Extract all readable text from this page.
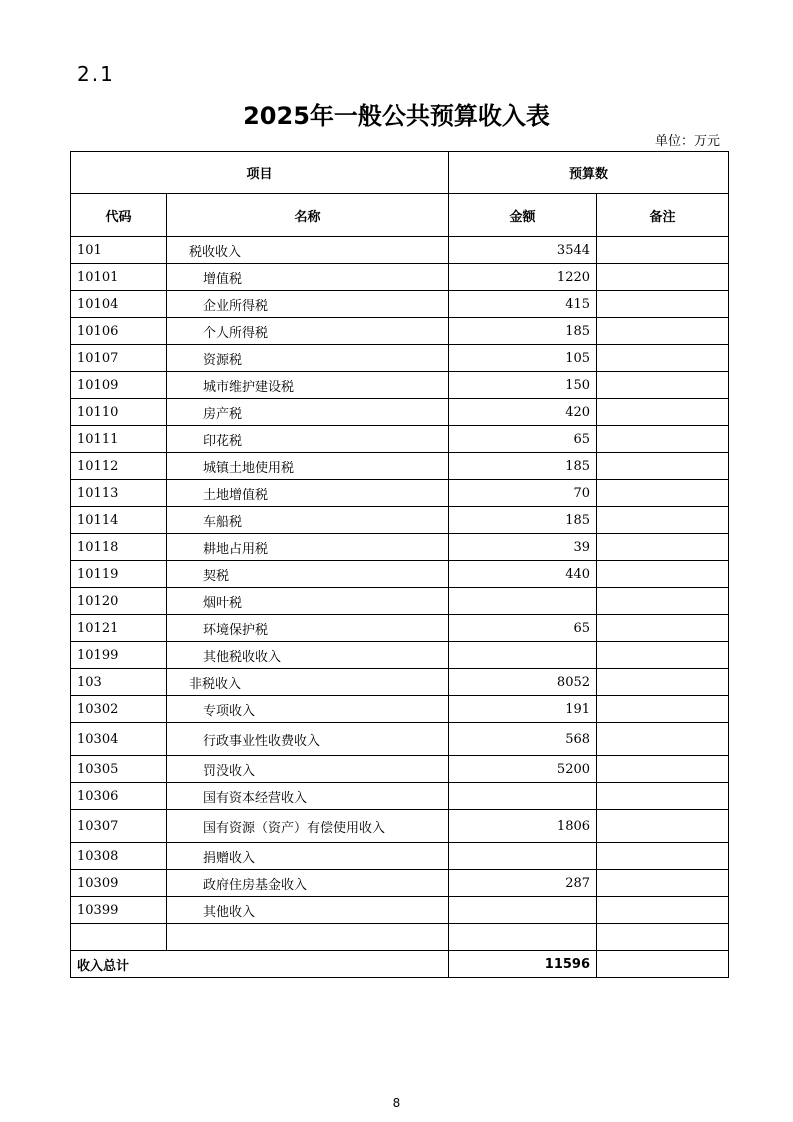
2.1
2025年一般公共预算收入表
单位：万元
项目		预算数	
代码	名称	金额	备注
101	税收收入	3544	
10101	增值税	1220	
10104	企业所得税	415	
10106	个人所得税	185	
10107	资源税	105	
10109	城市维护建设税	150	
10110	房产税	420	
10111	印花税	65	
10112	城镇土地使用税	185	
10113	土地增值税	70	
10114	车船税	185	
10118	耕地占用税	39	
10119	契税	440	
10120	烟叶税		
10121	环境保护税	65	
10199	其他税收收入		
103	非税收入	8052	
10302	专项收入	191	
10304	行政事业性收费收入	568	
10305	罚没收入	5200	
10306	国有资本经营收入		
10307	国有资源（资产）有偿使用收入	1806	
10308	捐赠收入		
10309	政府住房基金收入	287	
10399	其他收入		

收入总计		11596	
8
